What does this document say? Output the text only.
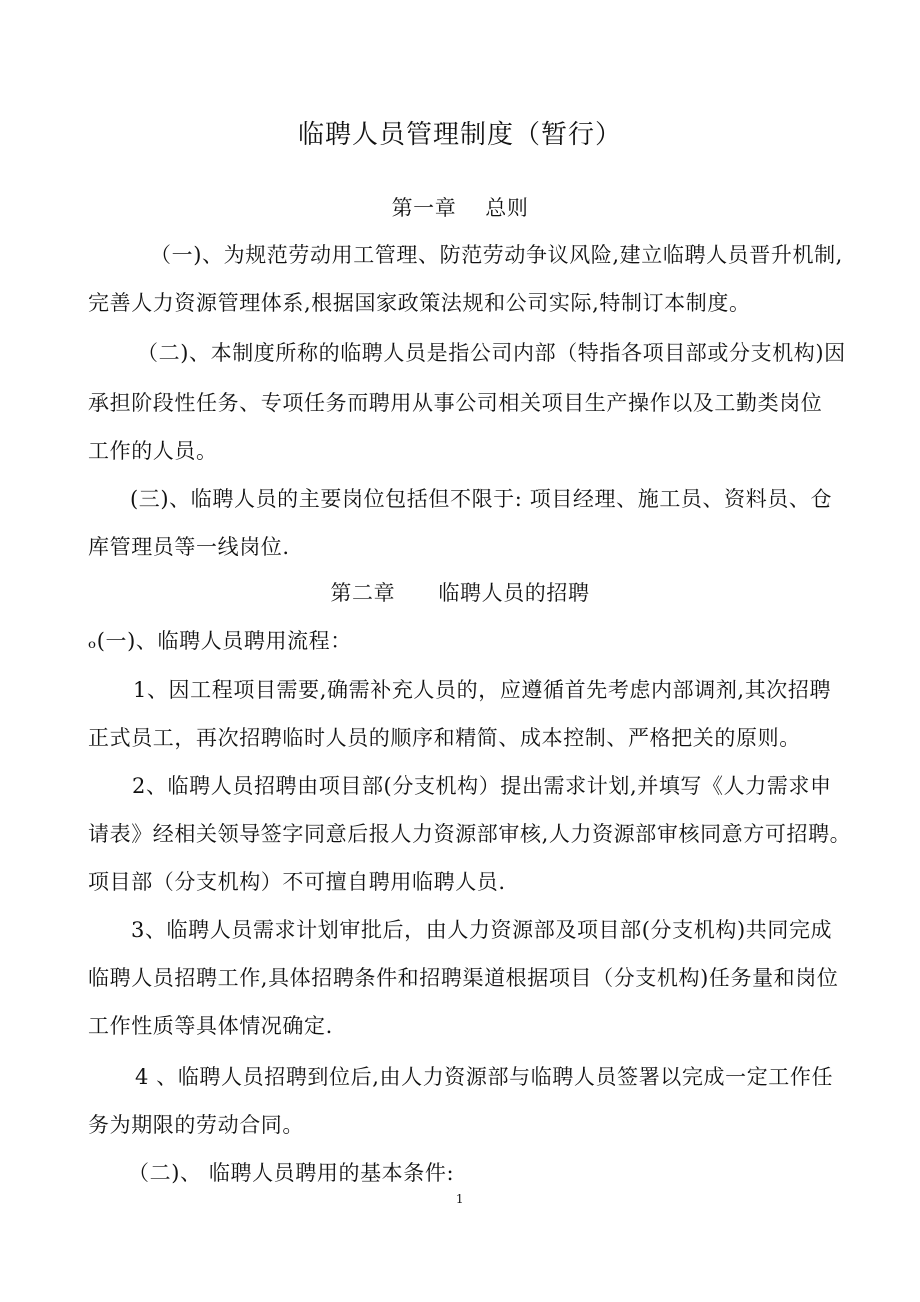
临聘人员管理制度（暂行）
第一章　 总则
（一)、为规范劳动用工管理、防范劳动争议风险,建立临聘人员晋升机制,
完善人力资源管理体系,根据国家政策法规和公司实际,特制订本制度。
（二)、本制度所称的临聘人员是指公司内部（特指各项目部或分支机构)因
承担阶段性任务、专项任务而聘用从事公司相关项目生产操作以及工勤类岗位
工作的人员。
(三)、临聘人员的主要岗位包括但不限于: 项目经理、施工员、资料员、仓
库管理员等一线岗位.
第二章　　临聘人员的招聘
ₒ(一)、临聘人员聘用流程：
1、因工程项目需要,确需补充人员的，应遵循首先考虑内部调剂,其次招聘
正式员工，再次招聘临时人员的顺序和精简、成本控制、严格把关的原则。
2、临聘人员招聘由项目部(分支机构）提出需求计划,并填写《人力需求申
请表》经相关领导签字同意后报人力资源部审核,人力资源部审核同意方可招聘。
项目部（分支机构）不可擅自聘用临聘人员.
3、临聘人员需求计划审批后，由人力资源部及项目部(分支机构)共同完成
临聘人员招聘工作,具体招聘条件和招聘渠道根据项目（分支机构)任务量和岗位
工作性质等具体情况确定.
4 、临聘人员招聘到位后,由人力资源部与临聘人员签署以完成一定工作任
务为期限的劳动合同。
（二)、 临聘人员聘用的基本条件:
1
